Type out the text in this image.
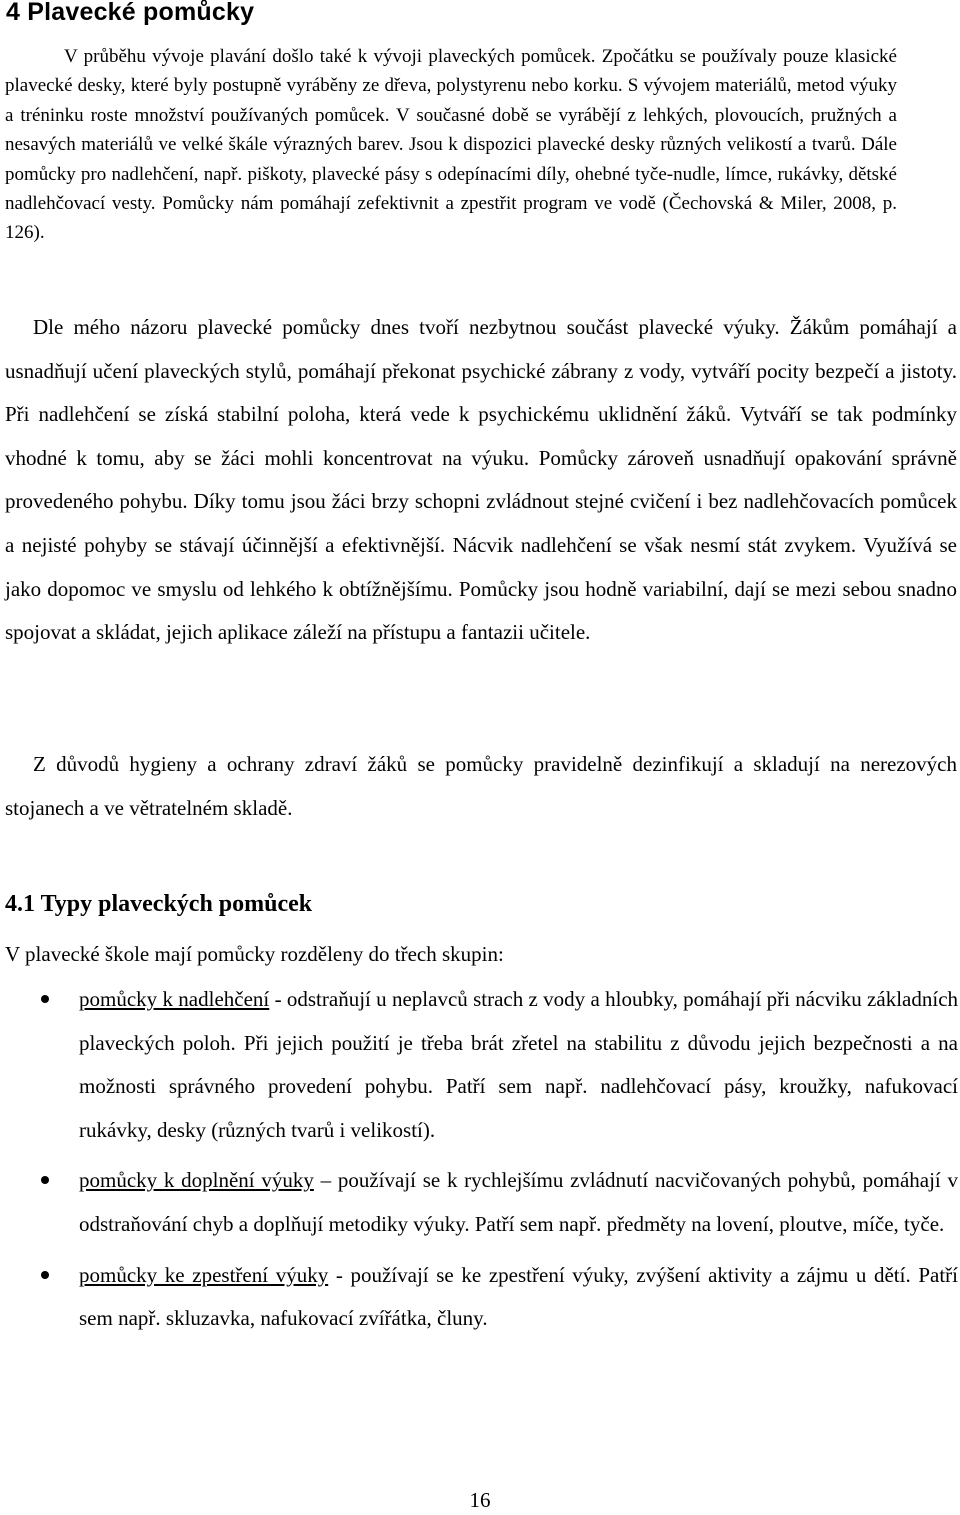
4 Plavecké pomůcky

V průběhu vývoje plavání došlo také k vývoji plaveckých pomůcek. Zpočátku se používaly pouze klasické plavecké desky, které byly postupně vyráběny ze dřeva, polystyrenu nebo korku. S vývojem materiálů, metod výuky a tréninku roste množství používaných pomůcek. V současné době se vyrábějí z lehkých, plovoucích, pružných a nesavých materiálů ve velké škále výrazných barev. Jsou k dispozici plavecké desky různých velikostí a tvarů. Dále pomůcky pro nadlehčení, např. piškoty, plavecké pásy s odepínacími díly, ohebné tyče-nudle, límce, rukávky, dětské nadlehčovací vesty. Pomůcky nám pomáhají zefektivnit a zpestřit program ve vodě (Čechovská & Miler, 2008, p. 126).

Dle mého názoru plavecké pomůcky dnes tvoří nezbytnou součást plavecké výuky. Žákům pomáhají a usnadňují učení plaveckých stylů, pomáhají překonat psychické zábrany z vody, vytváří pocity bezpečí a jistoty. Při nadlehčení se získá stabilní poloha, která vede k psychickému uklidnění žáků. Vytváří se tak podmínky vhodné k tomu, aby se žáci mohli koncentrovat na výuku. Pomůcky zároveň usnadňují opakování správně provedeného pohybu. Díky tomu jsou žáci brzy schopni zvládnout stejné cvičení i bez nadlehčovacích pomůcek a nejisté pohyby se stávají účinnější a efektivnější. Nácvik nadlehčení se však nesmí stát zvykem. Využívá se jako dopomoc ve smyslu od lehkého k obtížnějšímu. Pomůcky jsou hodně variabilní, dají se mezi sebou snadno spojovat a skládat, jejich aplikace záleží na přístupu a fantazii učitele.

Z důvodů hygieny a ochrany zdraví žáků se pomůcky pravidelně dezinfikují a skladují na nerezových stojanech a ve větratelném skladě.

4.1 Typy plaveckých pomůcek

V plavecké škole mají pomůcky rozděleny do třech skupin:

pomůcky k nadlehčení - odstraňují u neplavců strach z vody a hloubky, pomáhají při nácviku základních plaveckých poloh. Při jejich použití je třeba brát zřetel na stabilitu z důvodu jejich bezpečnosti a na možnosti správného provedení pohybu. Patří sem např. nadlehčovací pásy, kroužky, nafukovací rukávky, desky (různých tvarů i velikostí).
pomůcky k doplnění výuky – používají se k rychlejšímu zvládnutí nacvičovaných pohybů, pomáhají v odstraňování chyb a doplňují metodiky výuky. Patří sem např. předměty na lovení, ploutve, míče, tyče.
pomůcky ke zpestření výuky - používají se ke zpestření výuky, zvýšení aktivity a zájmu u dětí. Patří sem např. skluzavka, nafukovací zvířátka, čluny.

16
